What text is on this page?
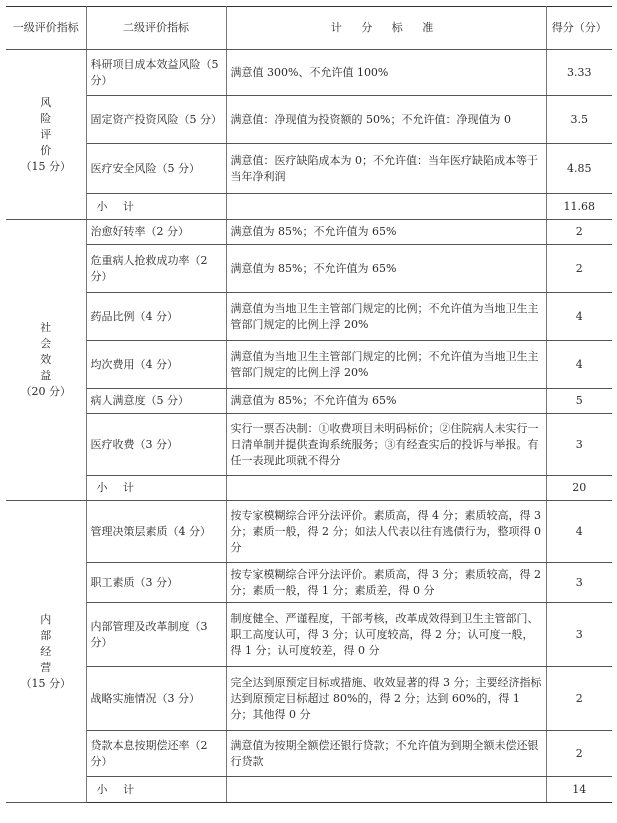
一级评价指标	二级评价指标	计 分 标 准	得分（分）

风
险
评
价
（15 分）	科研项目成本效益风险（5 分）	满意值 300%、不允许值 100%	3.33
	固定资产投资风险（5 分）	满意值：净现值为投资额的 50%；不允许值：净现值为 0	3.5
	医疗安全风险（5 分）	满意值：医疗缺陷成本为 0；不允许值：当年医疗缺陷成本等于当年净利润	4.85
	小 计		11.68

社
会
效
益
（20 分）	治愈好转率（2 分）	满意值为 85%；不允许值为 65%	2
	危重病人抢救成功率（2 分）	满意值为 85%；不允许值为 65%	2
	药品比例（4 分）	满意值为当地卫生主管部门规定的比例；不允许值为当地卫生主管部门规定的比例上浮 20%	4
	均次费用（4 分）	满意值为当地卫生主管部门规定的比例；不允许值为当地卫生主管部门规定的比例上浮 20%	4
	病人满意度（5 分）	满意值为 85%；不允许值为 65%	5
	医疗收费（3 分）	实行一票否决制：①收费项目未明码标价；②住院病人未实行一日清单制并提供查询系统服务；③有经查实后的投诉与举报。有任一表现此项就不得分	3
	小 计		20

内
部
经
营
（15 分）	管理决策层素质（4 分）	按专家模糊综合评分法评价。素质高，得 4 分；素质较高，得 3 分；素质一般，得 2 分；如法人代表以往有逃债行为，整项得 0 分	4
	职工素质（3 分）	按专家模糊综合评分法评价。素质高，得 3 分；素质较高，得 2 分；素质一般，得 1 分；素质差，得 0 分	3
	内部管理及改革制度（3 分）	制度健全、严谨程度，干部考核，改革成效得到卫生主管部门、职工高度认可，得 3 分；认可度较高，得 2 分；认可度一般，得 1 分；认可度较差，得 0 分	3
	战略实施情况（3 分）	完全达到原预定目标或措施、收效显著的得 3 分；主要经济指标达到原预定目标超过 80%的，得 2 分；达到 60%的，得 1 分；其他得 0 分	2
	贷款本息按期偿还率（2 分）	满意值为按期全额偿还银行贷款；不允许值为到期全额未偿还银行贷款	2
	小 计		14
